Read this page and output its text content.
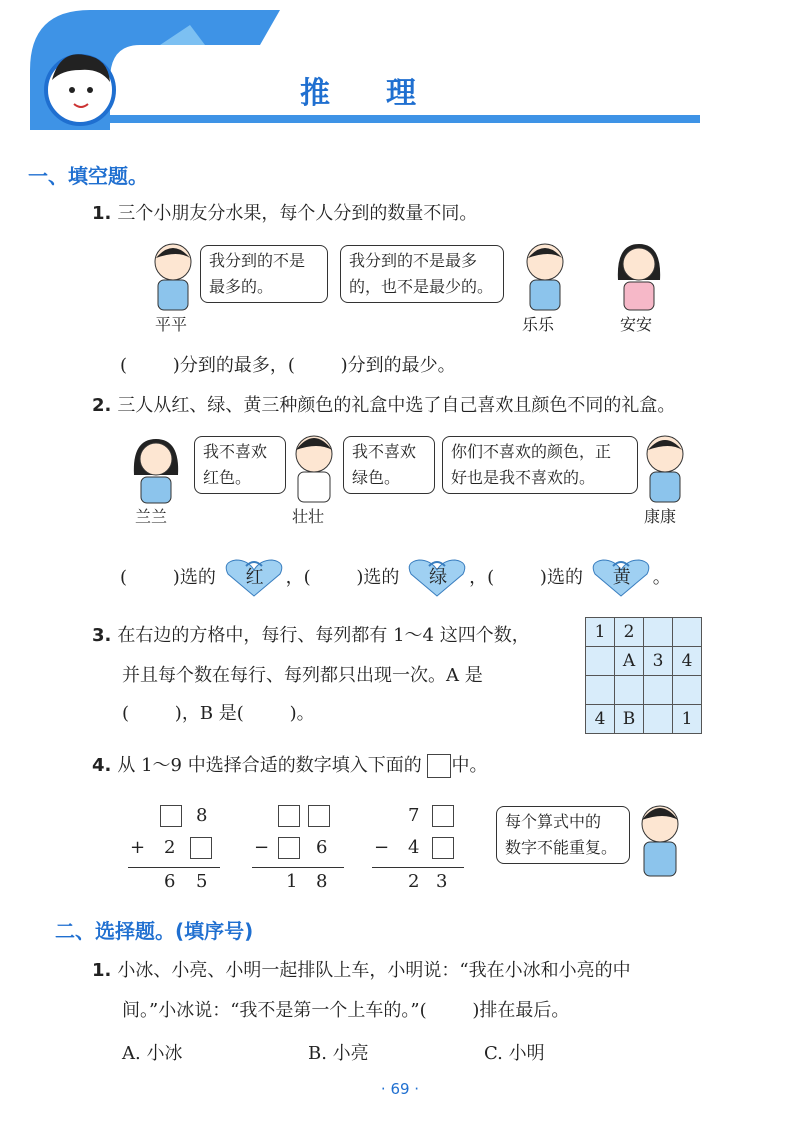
推理
一、填空题。
1. 三个小朋友分水果，每个人分到的数量不同。
我分到的不是
最多的。
我分到的不是最多
的，也不是最少的。
平平	乐乐	安安
(        )分到的最多，(        )分到的最少。
2. 三人从红、绿、黄三种颜色的礼盒中选了自己喜欢且颜色不同的礼盒。
我不喜欢
红色。
我不喜欢
绿色。
你们不喜欢的颜色，正
好也是我不喜欢的。
兰兰	壮壮	康康
(        )选的 红 ，(        )选的 绿 ，(        )选的 黄 。
3. 在右边的方格中，每行、每列都有 1～4 这四个数，
并且每个数在每行、每列都只出现一次。A 是
(        )，B 是(        )。
1	2		
	A	3	4

4	B		1
4. 从 1～9 中选择合适的数字填入下面的 中。
8
+ 2
6 5
−	6
1 8
7
− 4
2 3
每个算式中的
数字不能重复。
二、选择题。(填序号)
1. 小冰、小亮、小明一起排队上车，小明说：“我在小冰和小亮的中
间。”小冰说：“我不是第一个上车的。”(        )排在最后。
A. 小冰	B. 小亮	C. 小明
· 69 ·
